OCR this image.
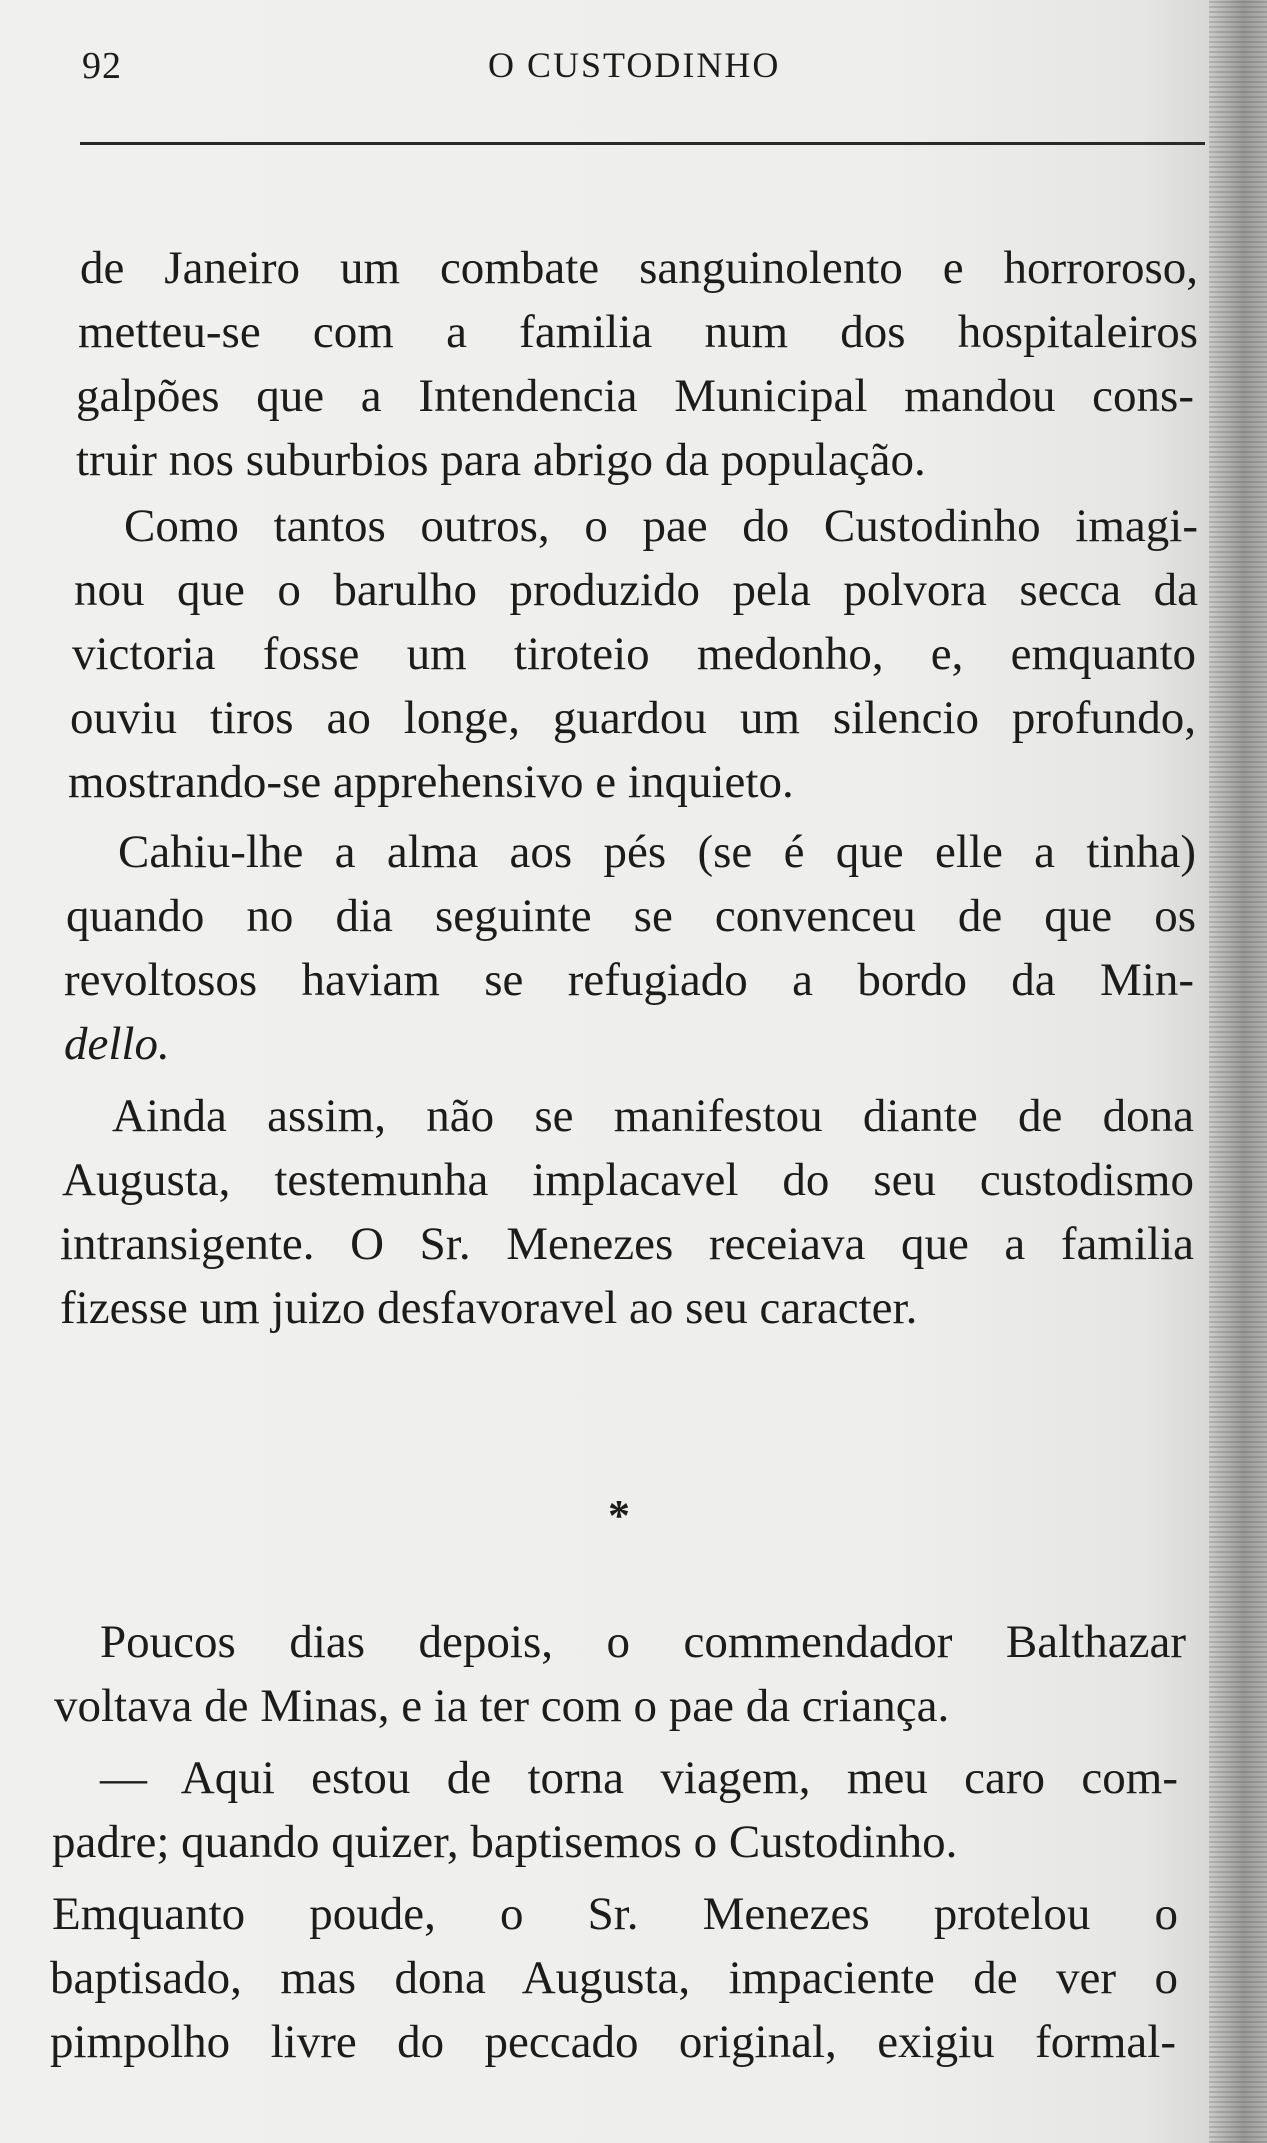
92	O CUSTODINHO
de Janeiro um combate sanguinolento e horroroso,
metteu-se com a familia num dos hospitaleiros
galpões que a Intendencia Municipal mandou cons-
truir nos suburbios para abrigo da população.
Como tantos outros, o pae do Custodinho imagi-
nou que o barulho produzido pela polvora secca da
victoria fosse um tiroteio medonho, e, emquanto
ouviu tiros ao longe, guardou um silencio profundo,
mostrando-se apprehensivo e inquieto.
Cahiu-lhe a alma aos pés (se é que elle a tinha)
quando no dia seguinte se convenceu de que os
revoltosos haviam se refugiado a bordo da Min-
dello.
Ainda assim, não se manifestou diante de dona
Augusta, testemunha implacavel do seu custodismo
intransigente. O Sr. Menezes receiava que a familia
fizesse um juizo desfavoravel ao seu caracter.
*
Poucos dias depois, o commendador Balthazar
voltava de Minas, e ia ter com o pae da criança.
— Aqui estou de torna viagem, meu caro com-
padre; quando quizer, baptisemos o Custodinho.
Emquanto poude, o Sr. Menezes protelou o
baptisado, mas dona Augusta, impaciente de ver o
pimpolho livre do peccado original, exigiu formal-
